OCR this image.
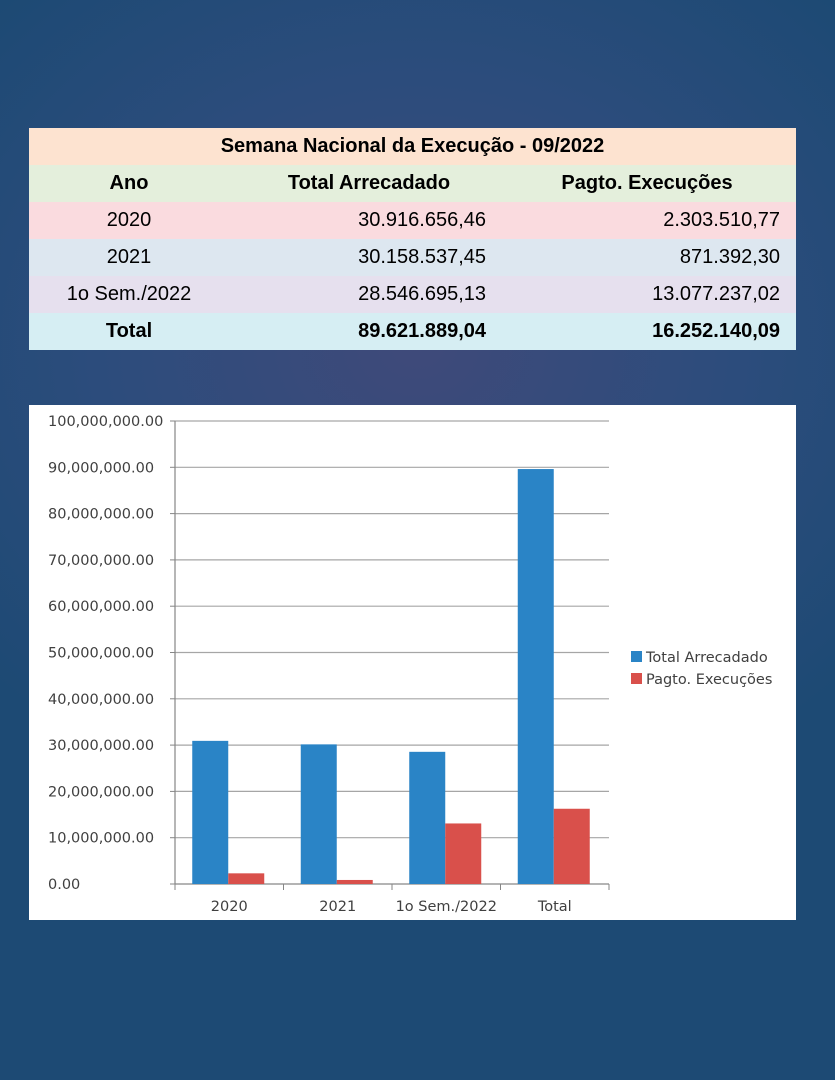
Semana Nacional da Execução - 09/2022
Ano	Total Arrecadado	Pagto. Execuções
2020	30.916.656,46	2.303.510,77
2021	30.158.537,45	871.392,30
1o Sem./2022	28.546.695,13	13.077.237,02
Total	89.621.889,04	16.252.140,09
0.00
10,000,000.00
20,000,000.00
30,000,000.00
40,000,000.00
50,000,000.00
60,000,000.00
70,000,000.00
80,000,000.00
90,000,000.00
100,000,000.00
2020	2021	1o Sem./2022	Total
Total Arrecadado
Pagto. Execuções
